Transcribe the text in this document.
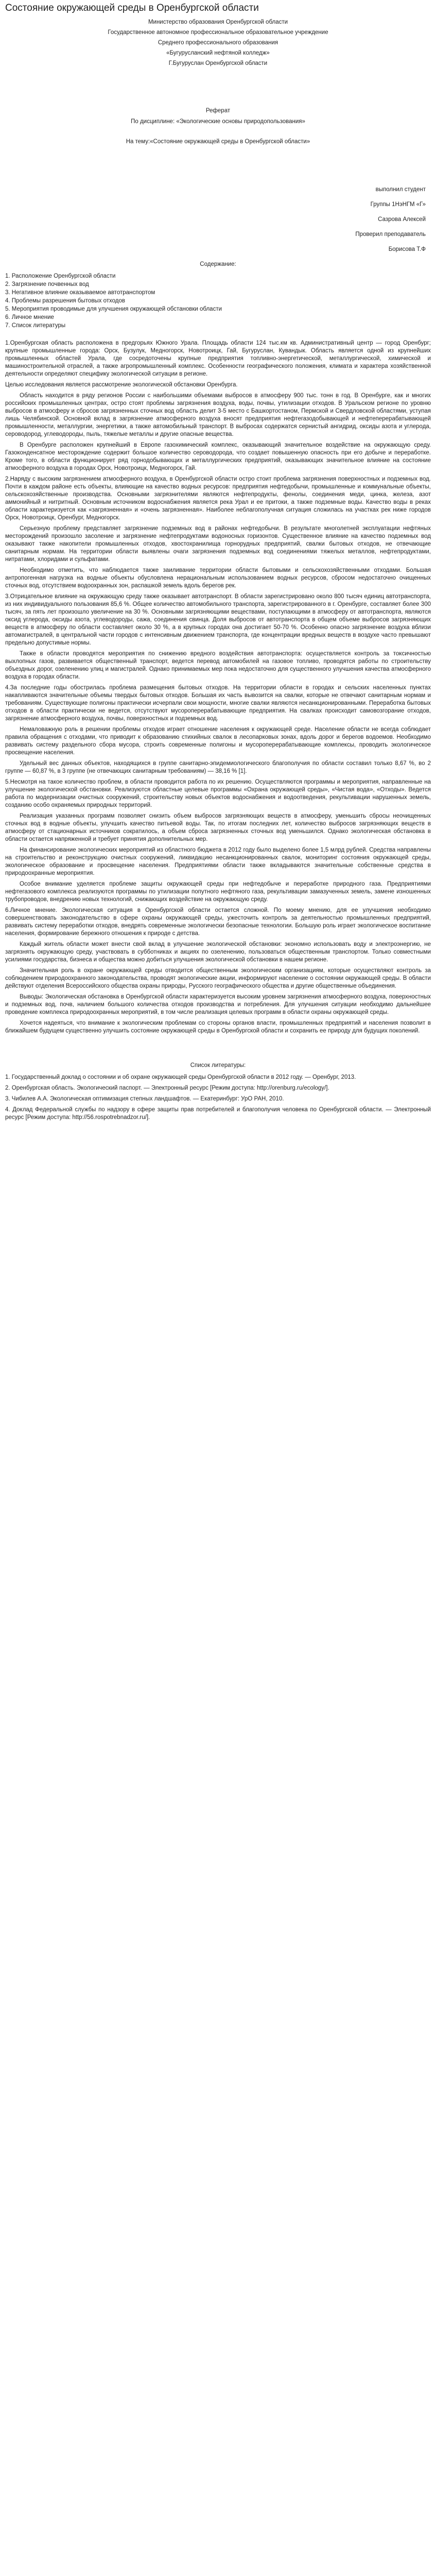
Состояние окружающей среды в Оренбургской области

Министерство образования Оренбургской области

Государственное автономное профессиональное образовательное учреждение

Среднего профессионального образования

«Бугурусланский нефтяной колледж»

Г.Бугуруслан Оренбургской области

Реферат

По дисциплине: «Экологические основы природопользования»

На тему:«Состояние окружающей среды в Оренбургской области»

выполнил студент

Группы 1НэНГМ «Г»

Сазрова Алексей

Проверил преподаватель

Борисова Т.Ф

Содержание:

1. Расположение Оренбургской области

2. Загрязнение почвенных вод

3. Негативное влияние оказываемое автотранспортом

4. Проблемы разрешения бытовых отходов

5. Мероприятия проводимые для улучшения окружающей обстановки области

6. Личное мнение

7. Список литературы

1.Оренбургская область расположена в предгорьях Южного Урала. Площадь области 124 тыс.км кв. Административный центр — город Оренбург; крупные промышленные города: Орск, Бузулук, Медногорск, Новотроицк, Гай, Бугуруслан, Кувандык. Область является одной из крупнейших промышленных областей Урала, где сосредоточены крупные предприятия топливно-энергетической, металлургической, химической и машиностроительной отраслей, а также агропромышленный комплекс. Особенности географического положения, климата и характера хозяйственной деятельности определяют специфику экологической ситуации в регионе.

Целью исследования является рассмотрение экологической обстановки Оренбурга.

Область находится в ряду регионов России с наибольшими объемами выбросов в атмосферу 900 тыс. тонн в год. В Оренбурге, как и многих российских промышленных центрах, остро стоят проблемы загрязнения воздуха, воды, почвы, утилизации отходов. В Уральском регионе по уровню выбросов в атмосферу и сбросов загрязненных сточных вод область делит 3-5 место с Башкортостаном, Пермской и Свердловской областями, уступая лишь Челябинской. Основной вклад в загрязнение атмосферного воздуха вносят предприятия нефтегазодобывающей и нефтеперерабатывающей промышленности, металлургии, энергетики, а также автомобильный транспорт. В выбросах содержатся сернистый ангидрид, оксиды азота и углерода, сероводород, углеводороды, пыль, тяжелые металлы и другие опасные вещества.

В Оренбурге расположен крупнейший в Европе газохимический комплекс, оказывающий значительное воздействие на окружающую среду. Газоконденсатное месторождение содержит большое количество сероводорода, что создает повышенную опасность при его добыче и переработке. Кроме того, в области функционирует ряд горнодобывающих и металлургических предприятий, оказывающих значительное влияние на состояние атмосферного воздуха в городах Орск, Новотроицк, Медногорск, Гай.

2.Наряду с высоким загрязнением атмосферного воздуха, в Оренбургской области остро стоит проблема загрязнения поверхностных и подземных вод. Почти в каждом районе есть объекты, влияющие на качество водных ресурсов: предприятия нефтедобычи, промышленные и коммунальные объекты, сельскохозяйственные производства. Основными загрязнителями являются нефтепродукты, фенолы, соединения меди, цинка, железа, азот аммонийный и нитритный. Основным источником водоснабжения является река Урал и ее притоки, а также подземные воды. Качество воды в реках области характеризуется как «загрязненная» и «очень загрязненная». Наиболее неблагополучная ситуация сложилась на участках рек ниже городов Орск, Новотроицк, Оренбург, Медногорск.

Серьезную проблему представляет загрязнение подземных вод в районах нефтедобычи. В результате многолетней эксплуатации нефтяных месторождений произошло засоление и загрязнение нефтепродуктами водоносных горизонтов. Существенное влияние на качество подземных вод оказывают также накопители промышленных отходов, хвостохранилища горнорудных предприятий, свалки бытовых отходов, не отвечающие санитарным нормам. На территории области выявлены очаги загрязнения подземных вод соединениями тяжелых металлов, нефтепродуктами, нитратами, хлоридами и сульфатами.

Необходимо отметить, что наблюдается также заиливание территории области бытовыми и сельскохозяйственными отходами. Большая антропогенная нагрузка на водные объекты обусловлена нерациональным использованием водных ресурсов, сбросом недостаточно очищенных сточных вод, отсутствием водоохранных зон, распашкой земель вдоль берегов рек.

3.Отрицательное влияние на окружающую среду также оказывает автотранспорт. В области зарегистрировано около 800 тысяч единиц автотранспорта, из них индивидуального пользования 85,6 %. Общее количество автомобильного транспорта, зарегистрированного в г. Оренбурге, составляет более 300 тысяч, за пять лет произошло увеличение на 30 %. Основными загрязняющими веществами, поступающими в атмосферу от автотранспорта, являются оксид углерода, оксиды азота, углеводороды, сажа, соединения свинца. Доля выбросов от автотранспорта в общем объеме выбросов загрязняющих веществ в атмосферу по области составляет около 30 %, а в крупных городах она достигает 50-70 %. Особенно опасно загрязнение воздуха вблизи автомагистралей, в центральной части городов с интенсивным движением транспорта, где концентрации вредных веществ в воздухе часто превышают предельно допустимые нормы.

Также в области проводятся мероприятия по снижению вредного воздействия автотранспорта: осуществляется контроль за токсичностью выхлопных газов, развивается общественный транспорт, ведется перевод автомобилей на газовое топливо, проводятся работы по строительству объездных дорог, озеленению улиц и магистралей. Однако принимаемых мер пока недостаточно для существенного улучшения качества атмосферного воздуха в городах области.

4.За последние годы обострилась проблема размещения бытовых отходов. На территории области в городах и сельских населенных пунктах накапливаются значительные объемы твердых бытовых отходов. Большая их часть вывозится на свалки, которые не отвечают санитарным нормам и требованиям. Существующие полигоны практически исчерпали свои мощности, многие свалки являются несанкционированными. Переработка бытовых отходов в области практически не ведется, отсутствуют мусороперерабатывающие предприятия. На свалках происходит самовозгорание отходов, загрязнение атмосферного воздуха, почвы, поверхностных и подземных вод.

Немаловажную роль в решении проблемы отходов играет отношение населения к окружающей среде. Население области не всегда соблюдает правила обращения с отходами, что приводит к образованию стихийных свалок в лесопарковых зонах, вдоль дорог и берегов водоемов. Необходимо развивать систему раздельного сбора мусора, строить современные полигоны и мусороперерабатывающие комплексы, проводить экологическое просвещение населения.

Удельный вес данных объектов, находящихся в группе санитарно-эпидемиологического благополучия по области составил только 8,67 %, во 2 группе — 60,87 %, в 3 группе (не отвечающих санитарным требованиям) — 38,16 % [1].

5.Несмотря на такое количество проблем, в области проводится работа по их решению. Осуществляются программы и мероприятия, направленные на улучшение экологической обстановки. Реализуются областные целевые программы «Охрана окружающей среды», «Чистая вода», «Отходы». Ведется работа по модернизации очистных сооружений, строительству новых объектов водоснабжения и водоотведения, рекультивации нарушенных земель, созданию особо охраняемых природных территорий.

Реализация указанных программ позволяет снизить объем выбросов загрязняющих веществ в атмосферу, уменьшить сбросы неочищенных сточных вод в водные объекты, улучшить качество питьевой воды. Так, по итогам последних лет, количество выбросов загрязняющих веществ в атмосферу от стационарных источников сократилось, а объем сброса загрязненных сточных вод уменьшился. Однако экологическая обстановка в области остается напряженной и требует принятия дополнительных мер.

На финансирование экологических мероприятий из областного бюджета в 2012 году было выделено более 1,5 млрд рублей. Средства направлены на строительство и реконструкцию очистных сооружений, ликвидацию несанкционированных свалок, мониторинг состояния окружающей среды, экологическое образование и просвещение населения. Предприятиями области также вкладываются значительные собственные средства в природоохранные мероприятия.

Особое внимание уделяется проблеме защиты окружающей среды при нефтедобыче и переработке природного газа. Предприятиями нефтегазового комплекса реализуются программы по утилизации попутного нефтяного газа, рекультивации замазученных земель, замене изношенных трубопроводов, внедрению новых технологий, снижающих воздействие на окружающую среду.

6.Личное мнение. Экологическая ситуация в Оренбургской области остается сложной. По моему мнению, для ее улучшения необходимо совершенствовать законодательство в сфере охраны окружающей среды, ужесточить контроль за деятельностью промышленных предприятий, развивать систему переработки отходов, внедрять современные экологически безопасные технологии. Большую роль играет экологическое воспитание населения, формирование бережного отношения к природе с детства.

Каждый житель области может внести свой вклад в улучшение экологической обстановки: экономно использовать воду и электроэнергию, не загрязнять окружающую среду, участвовать в субботниках и акциях по озеленению, пользоваться общественным транспортом. Только совместными усилиями государства, бизнеса и общества можно добиться улучшения экологической обстановки в нашем регионе.

Значительная роль в охране окружающей среды отводится общественным экологическим организациям, которые осуществляют контроль за соблюдением природоохранного законодательства, проводят экологические акции, информируют население о состоянии окружающей среды. В области действуют отделения Всероссийского общества охраны природы, Русского географического общества и другие общественные объединения.

Выводы: Экологическая обстановка в Оренбургской области характеризуется высоким уровнем загрязнения атмосферного воздуха, поверхностных и подземных вод, почв, наличием большого количества отходов производства и потребления. Для улучшения ситуации необходимо дальнейшее проведение комплекса природоохранных мероприятий, в том числе реализация целевых программ в области охраны окружающей среды.

Хочется надеяться, что внимание к экологическим проблемам со стороны органов власти, промышленных предприятий и населения позволит в ближайшем будущем существенно улучшить состояние окружающей среды в Оренбургской области и сохранить ее природу для будущих поколений.

Список литературы:

1. Государственный доклад о состоянии и об охране окружающей среды Оренбургской области в 2012 году. — Оренбург, 2013.

2. Оренбургская область. Экологический паспорт. — Электронный ресурс [Режим доступа: http://orenburg.ru/ecology/].

3. Чибилев А.А. Экологическая оптимизация степных ландшафтов. — Екатеринбург: УрО РАН, 2010.

4. Доклад Федеральной службы по надзору в сфере защиты прав потребителей и благополучия человека по Оренбургской области. — Электронный ресурс [Режим доступа: http://56.rospotrebnadzor.ru/].
